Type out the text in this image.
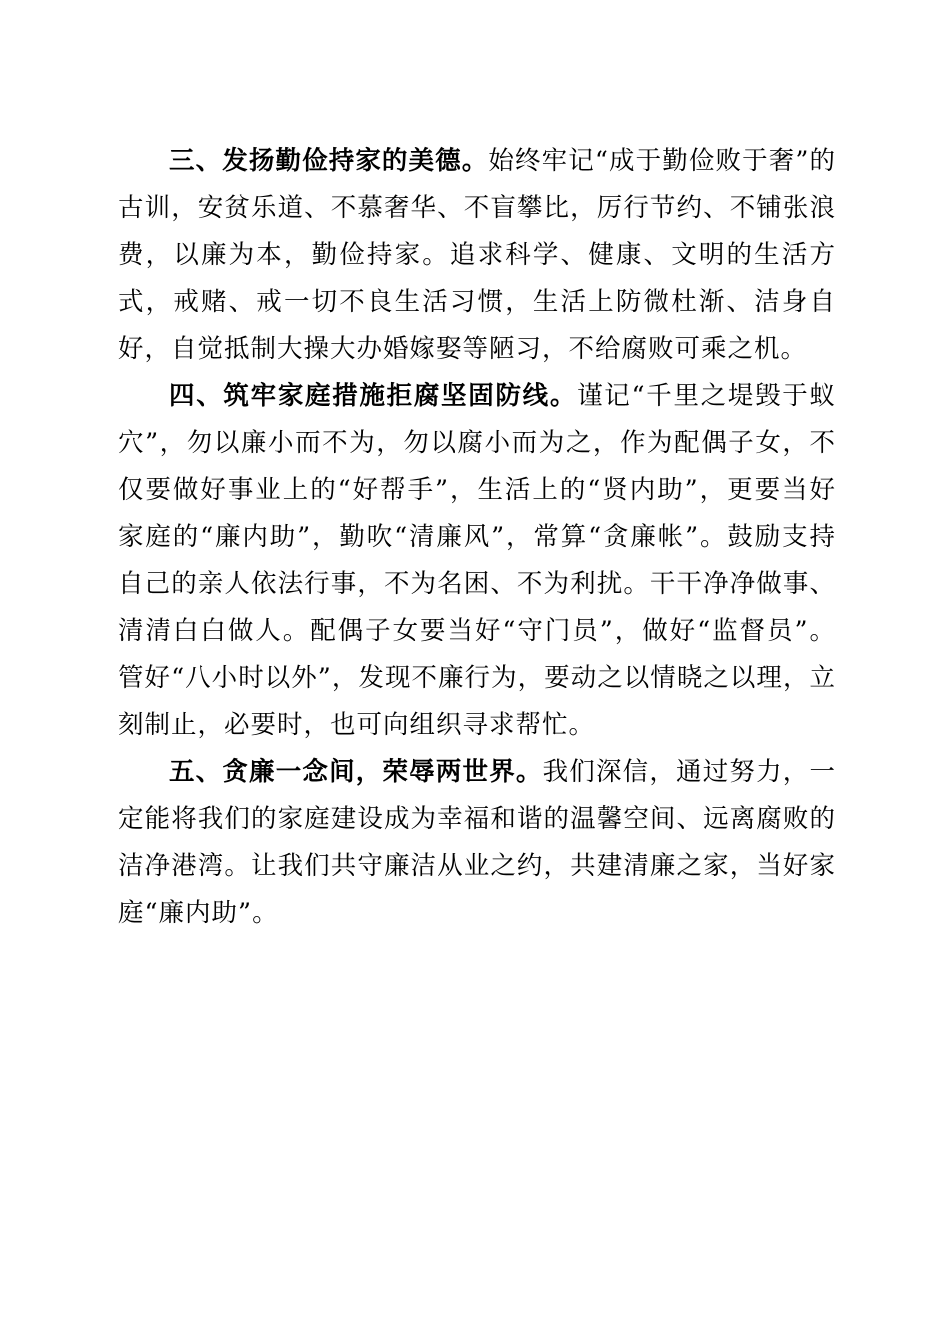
三、发扬勤俭持家的美德。始终牢记“成于勤俭败于奢”的古训，安贫乐道、不慕奢华、不盲攀比，厉行节约、不铺张浪费，以廉为本，勤俭持家。追求科学、健康、文明的生活方式，戒赌、戒一切不良生活习惯，生活上防微杜渐、洁身自好，自觉抵制大操大办婚嫁娶等陋习，不给腐败可乘之机。

四、筑牢家庭措施拒腐坚固防线。谨记“千里之堤毁于蚁穴”，勿以廉小而不为，勿以腐小而为之，作为配偶子女，不仅要做好事业上的“好帮手”，生活上的“贤内助”，更要当好家庭的“廉内助”，勤吹“清廉风”，常算“贪廉帐”。鼓励支持自己的亲人依法行事，不为名困、不为利扰。干干净净做事、清清白白做人。配偶子女要当好“守门员”，做好“监督员”。管好“八小时以外”，发现不廉行为，要动之以情晓之以理，立刻制止，必要时，也可向组织寻求帮忙。

五、贪廉一念间，荣辱两世界。我们深信，通过努力，一定能将我们的家庭建设成为幸福和谐的温馨空间、远离腐败的洁净港湾。让我们共守廉洁从业之约，共建清廉之家，当好家庭“廉内助”。
